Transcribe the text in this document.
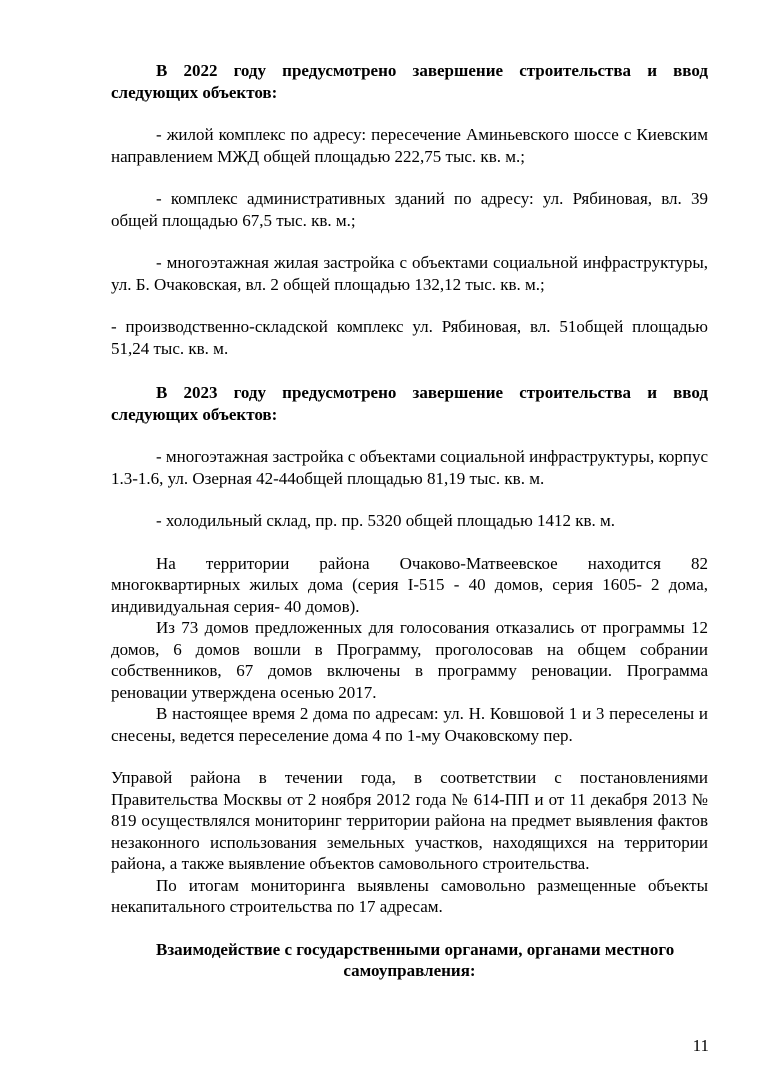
В 2022 году предусмотрено завершение строительства и ввод следующих объектов:

- жилой комплекс по адресу: пересечение Аминьевского шоссе с Киевским направлением МЖД общей площадью 222,75 тыс. кв. м.;

- комплекс административных зданий по адресу: ул. Рябиновая, вл. 39 общей площадью 67,5 тыс. кв. м.;

- многоэтажная жилая застройка с объектами социальной инфраструктуры, ул. Б. Очаковская, вл. 2 общей площадью 132,12 тыс. кв. м.;

- производственно-складской комплекс ул. Рябиновая, вл. 51общей площадью 51,24 тыс. кв. м.

В 2023 году предусмотрено завершение строительства и ввод следующих объектов:

- многоэтажная застройка с объектами социальной инфраструктуры, корпус 1.3-1.6, ул. Озерная 42-44общей площадью 81,19 тыс. кв. м.

- холодильный склад, пр. пр. 5320 общей площадью 1412 кв. м.

На территории района Очаково-Матвеевское находится 82 многоквартирных жилых дома (серия I-515 - 40 домов, серия 1605- 2 дома, индивидуальная серия- 40 домов).

Из 73 домов предложенных для голосования отказались от программы 12 домов, 6 домов вошли в Программу, проголосовав на общем собрании собственников, 67 домов включены в программу реновации. Программа реновации утверждена осенью 2017.

В настоящее время 2 дома по адресам: ул. Н. Ковшовой 1 и 3 переселены и снесены, ведется переселение дома 4 по 1-му Очаковскому пер.

Управой района в течении года, в соответствии с постановлениями Правительства Москвы от 2 ноября 2012 года № 614-ПП и от 11 декабря 2013 № 819 осуществлялся мониторинг территории района на предмет выявления фактов незаконного использования земельных участков, находящихся на территории района, а также выявление объектов самовольного строительства.

По итогам мониторинга выявлены самовольно размещенные объекты некапитального строительства по 17 адресам.

Взаимодействие с государственными органами, органами местного
самоуправления:
11
